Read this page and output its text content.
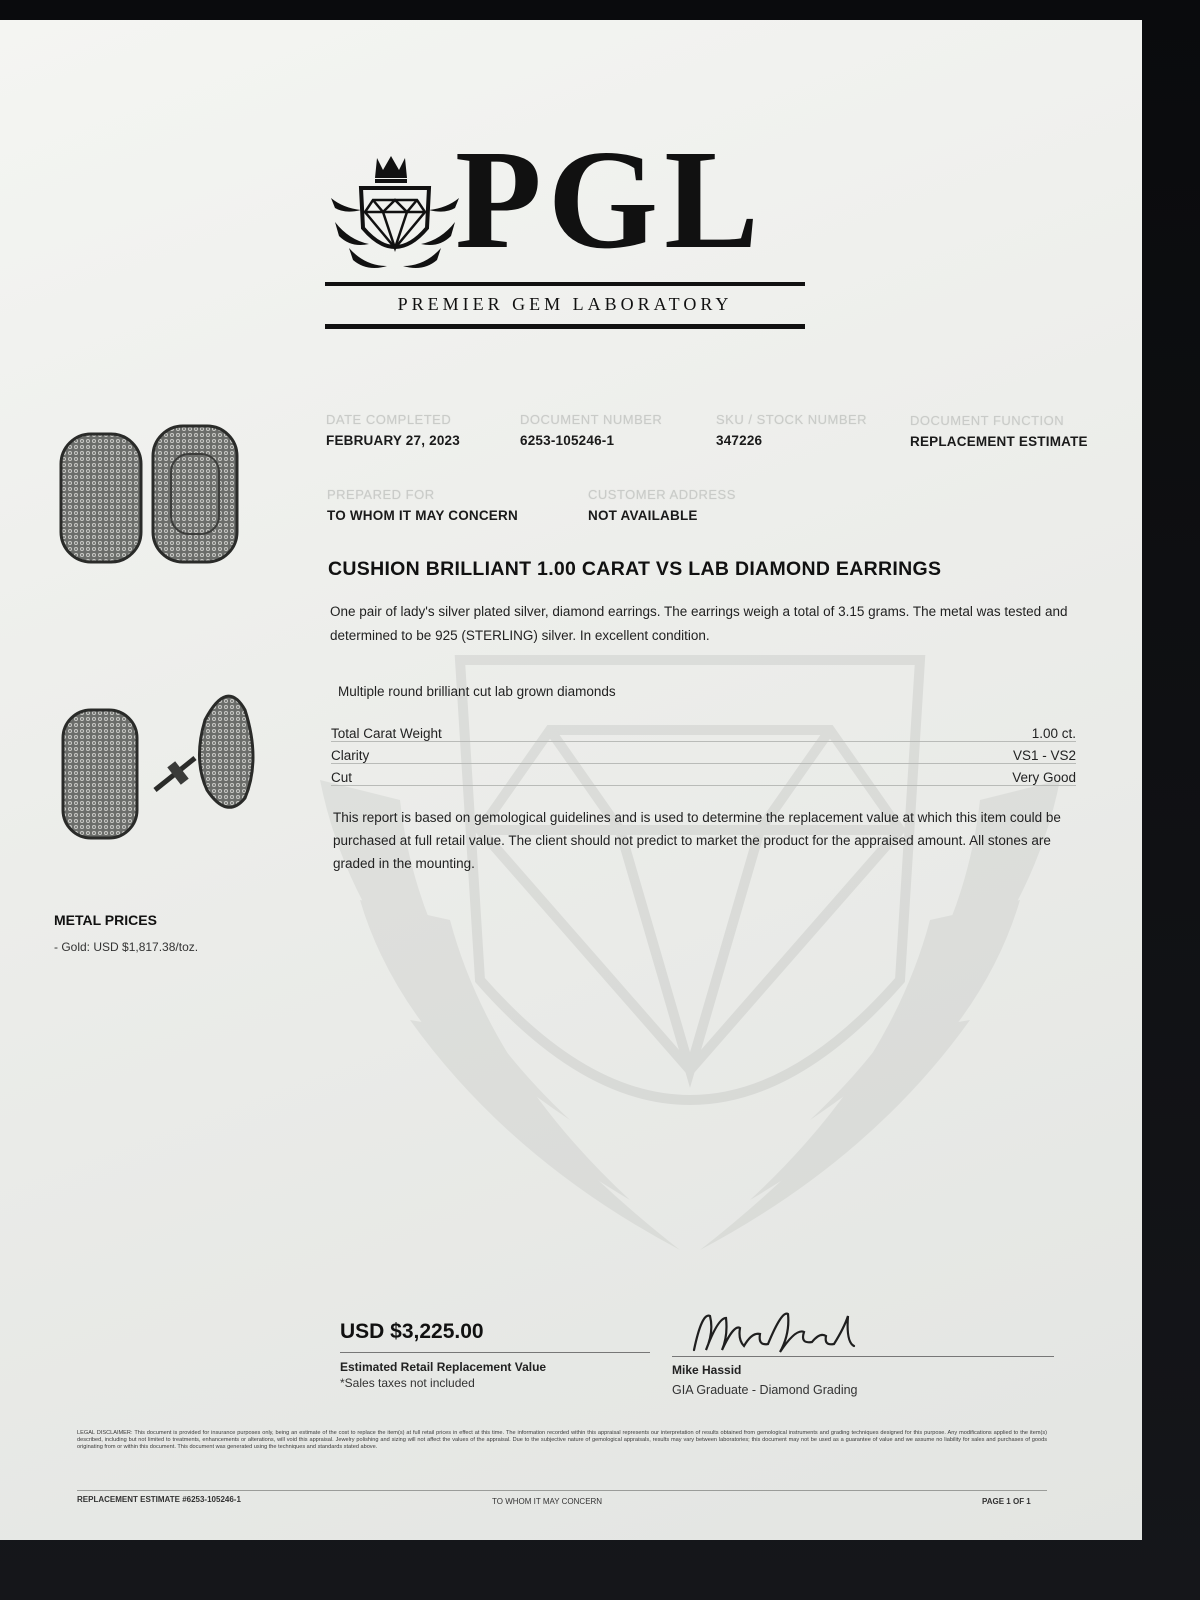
PGL
PREMIER GEM LABORATORY
DATE COMPLETED
FEBRUARY 27, 2023
DOCUMENT NUMBER
6253-105246-1
SKU / STOCK NUMBER
347226
DOCUMENT FUNCTION
REPLACEMENT ESTIMATE
PREPARED FOR
TO WHOM IT MAY CONCERN
CUSTOMER ADDRESS
NOT AVAILABLE
CUSHION BRILLIANT 1.00 CARAT VS LAB DIAMOND EARRINGS
One pair of lady's silver plated silver, diamond earrings. The earrings weigh a total of 3.15 grams. The metal was tested and determined to be 925 (STERLING) silver. In excellent condition.
Multiple round brilliant cut lab grown diamonds
Total Carat Weight	1.00 ct.
Clarity	VS1 - VS2
Cut	Very Good
This report is based on gemological guidelines and is used to determine the replacement value at which this item could be purchased at full retail value. The client should not predict to market the product for the appraised amount. All stones are graded in the mounting.
METAL PRICES
- Gold: USD $1,817.38/toz.
USD $3,225.00
Estimated Retail Replacement Value
*Sales taxes not included
Mike Hassid
GIA Graduate - Diamond Grading
LEGAL DISCLAIMER: This document is provided for insurance purposes only, being an estimate of the cost to replace the item(s) at full retail prices in effect at this time. The information recorded within this appraisal represents our interpretation of results obtained from gemological instruments and grading techniques designed for this purpose. Any modifications applied to the item(s) described, including but not limited to treatments, enhancements or alterations, will void this appraisal. Jewelry polishing and sizing will not affect the values of the appraisal. Due to the subjective nature of gemological appraisals, results may vary between laboratories; this document may not be used as a guarantee of value and we assume no liability for sales and purchases of goods originating from or within this document. This document was generated using the techniques and standards stated above.
REPLACEMENT ESTIMATE #6253-105246-1	TO WHOM IT MAY CONCERN	PAGE 1 OF 1
